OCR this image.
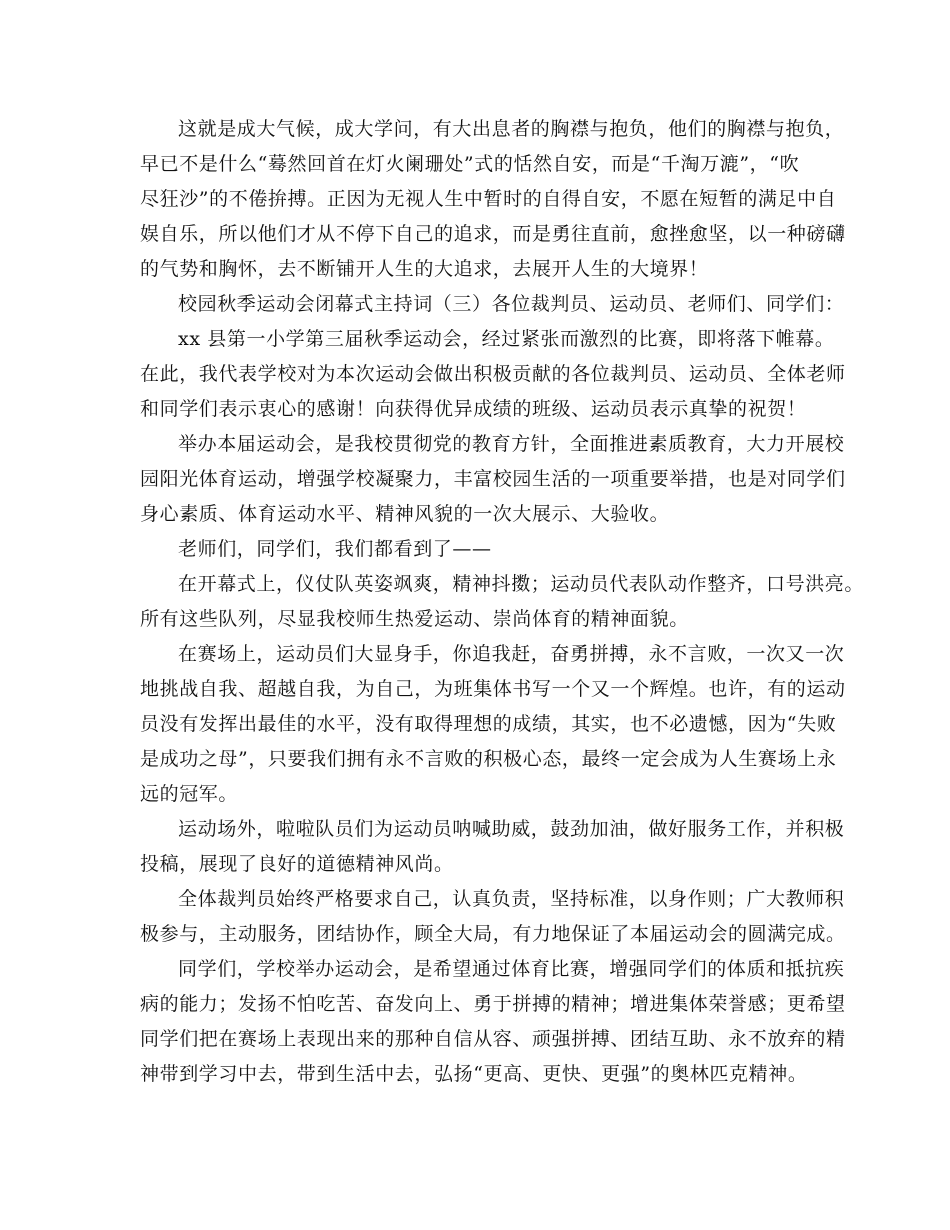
这就是成大气候，成大学问，有大出息者的胸襟与抱负，他们的胸襟与抱负，
早已不是什么“蓦然回首在灯火阑珊处”式的恬然自安，而是“千淘万漉”，“吹
尽狂沙”的不倦拚搏。正因为无视人生中暂时的自得自安，不愿在短暂的满足中自
娱自乐，所以他们才从不停下自己的追求，而是勇往直前，愈挫愈坚，以一种磅礴
的气势和胸怀，去不断铺开人生的大追求，去展开人生的大境界！

校园秋季运动会闭幕式主持词（三）各位裁判员、运动员、老师们、同学们：

xx 县第一小学第三届秋季运动会，经过紧张而激烈的比赛，即将落下帷幕。
在此，我代表学校对为本次运动会做出积极贡献的各位裁判员、运动员、全体老师
和同学们表示衷心的感谢！向获得优异成绩的班级、运动员表示真挚的祝贺！

举办本届运动会，是我校贯彻党的教育方针，全面推进素质教育，大力开展校
园阳光体育运动，增强学校凝聚力，丰富校园生活的一项重要举措，也是对同学们
身心素质、体育运动水平、精神风貌的一次大展示、大验收。

老师们，同学们，我们都看到了——

在开幕式上，仪仗队英姿飒爽，精神抖擞；运动员代表队动作整齐，口号洪亮。
所有这些队列，尽显我校师生热爱运动、崇尚体育的精神面貌。

在赛场上，运动员们大显身手，你追我赶，奋勇拼搏，永不言败，一次又一次
地挑战自我、超越自我，为自己，为班集体书写一个又一个辉煌。也许，有的运动
员没有发挥出最佳的水平，没有取得理想的成绩，其实，也不必遗憾，因为“失败
是成功之母”，只要我们拥有永不言败的积极心态，最终一定会成为人生赛场上永
远的冠军。

运动场外，啦啦队员们为运动员呐喊助威，鼓劲加油，做好服务工作，并积极
投稿，展现了良好的道德精神风尚。

全体裁判员始终严格要求自己，认真负责，坚持标准，以身作则；广大教师积
极参与，主动服务，团结协作，顾全大局，有力地保证了本届运动会的圆满完成。

同学们，学校举办运动会，是希望通过体育比赛，增强同学们的体质和抵抗疾
病的能力；发扬不怕吃苦、奋发向上、勇于拼搏的精神；增进集体荣誉感；更希望
同学们把在赛场上表现出来的那种自信从容、顽强拼搏、团结互助、永不放弃的精
神带到学习中去，带到生活中去，弘扬“更高、更快、更强”的奥林匹克精神。
